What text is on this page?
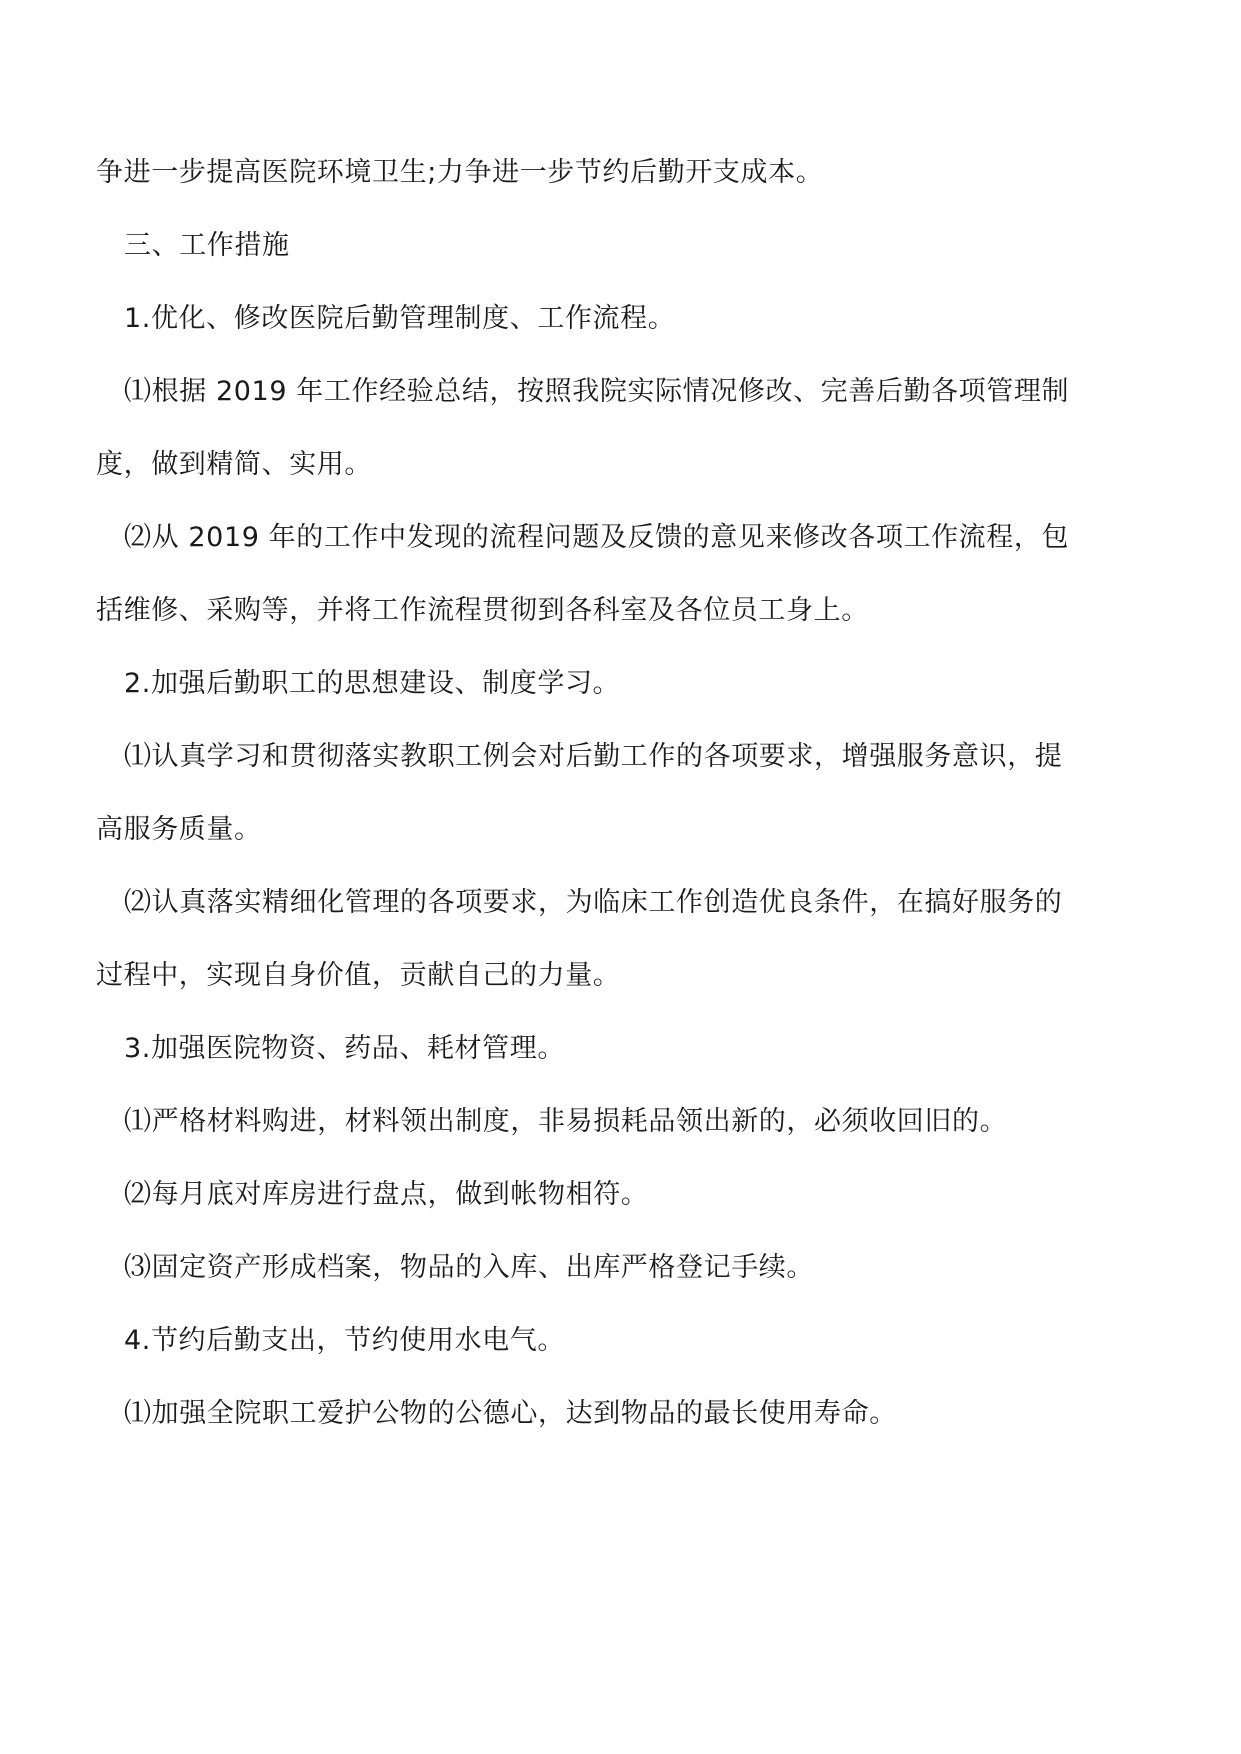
争进一步提高医院环境卫生;力争进一步节约后勤开支成本。
三、工作措施
1.优化、修改医院后勤管理制度、工作流程。
⑴根据 2019 年工作经验总结，按照我院实际情况修改、完善后勤各项管理制
度，做到精简、实用。
⑵从 2019 年的工作中发现的流程问题及反馈的意见来修改各项工作流程，包
括维修、采购等，并将工作流程贯彻到各科室及各位员工身上。
2.加强后勤职工的思想建设、制度学习。
⑴认真学习和贯彻落实教职工例会对后勤工作的各项要求，增强服务意识，提
高服务质量。
⑵认真落实精细化管理的各项要求，为临床工作创造优良条件，在搞好服务的
过程中，实现自身价值，贡献自己的力量。
3.加强医院物资、药品、耗材管理。
⑴严格材料购进，材料领出制度，非易损耗品领出新的，必须收回旧的。
⑵每月底对库房进行盘点，做到帐物相符。
⑶固定资产形成档案，物品的入库、出库严格登记手续。
4.节约后勤支出，节约使用水电气。
⑴加强全院职工爱护公物的公德心，达到物品的最长使用寿命。
